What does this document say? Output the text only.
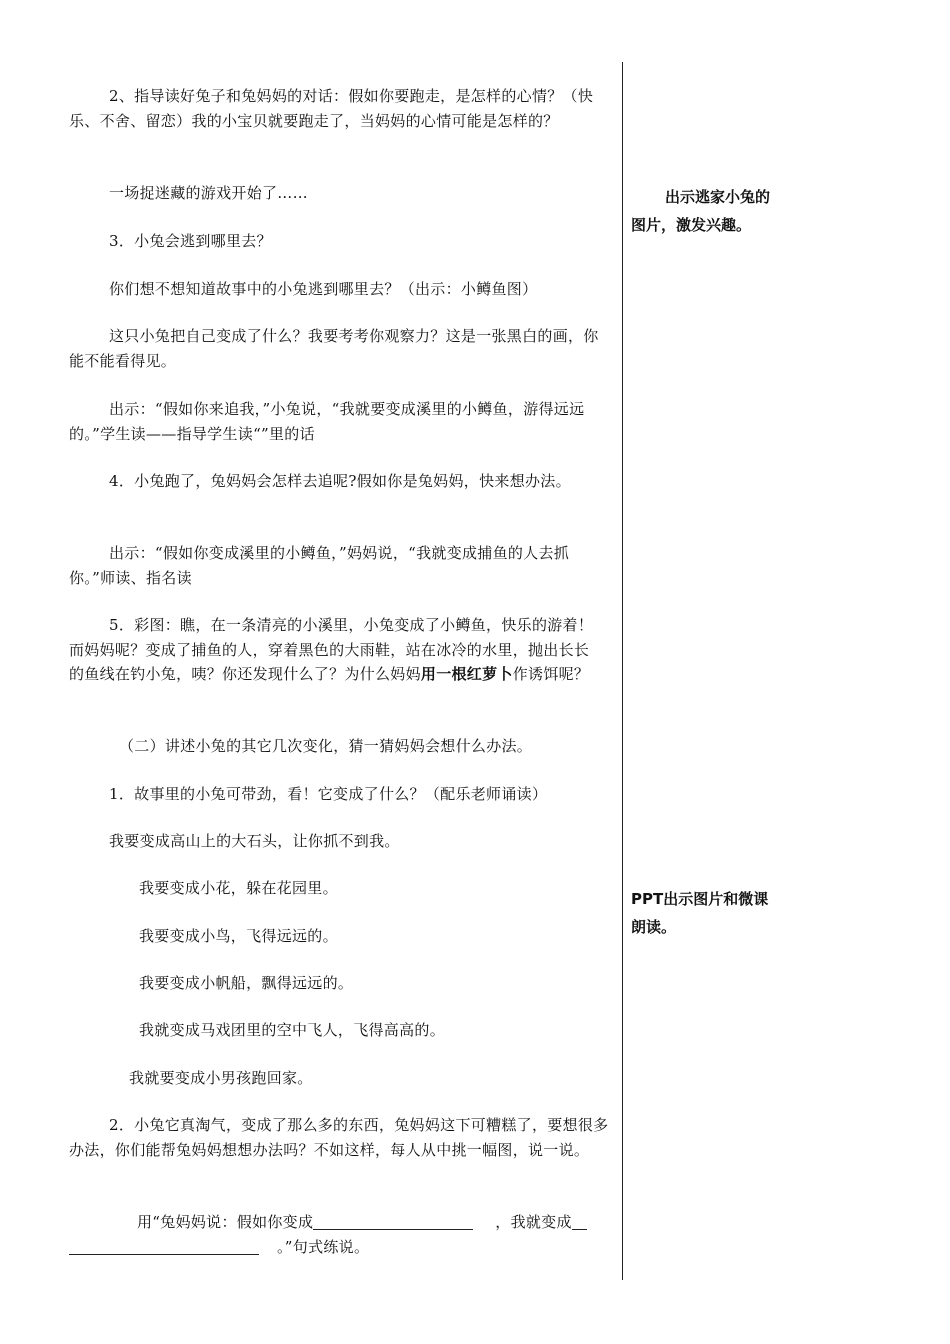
2、指导读好兔子和兔妈妈的对话：假如你要跑走，是怎样的心情？（快乐、不舍、留恋）我的小宝贝就要跑走了，当妈妈的心情可能是怎样的？
一场捉迷藏的游戏开始了……
3．小兔会逃到哪里去？
你们想不想知道故事中的小兔逃到哪里去？（出示：小鳟鱼图）
这只小兔把自己变成了什么？我要考考你观察力？这是一张黑白的画，你能不能看得见。
出示：“假如你来追我，”小兔说，“我就要变成溪里的小鳟鱼，游得远远的。”学生读——指导学生读“”里的话
4．小兔跑了，兔妈妈会怎样去追呢?假如你是兔妈妈，快来想办法。
出示：“假如你变成溪里的小鳟鱼，”妈妈说，“我就变成捕鱼的人去抓你。”师读、指名读
5．彩图：瞧，在一条清亮的小溪里，小兔变成了小鳟鱼，快乐的游着！而妈妈呢？变成了捕鱼的人，穿着黑色的大雨鞋，站在冰冷的水里，抛出长长的鱼线在钓小兔，咦？你还发现什么了？为什么妈妈用一根红萝卜作诱饵呢？
（二）讲述小兔的其它几次变化，猜一猜妈妈会想什么办法。
1．故事里的小兔可带劲，看！它变成了什么？（配乐老师诵读）
我要变成高山上的大石头，让你抓不到我。
我要变成小花，躲在花园里。
我要变成小鸟，飞得远远的。
我要变成小帆船，飘得远远的。
我就变成马戏团里的空中飞人，飞得高高的。
我就要变成小男孩跑回家。
2．小兔它真淘气，变成了那么多的东西，兔妈妈这下可糟糕了，要想很多办法，你们能帮兔妈妈想想办法吗？不如这样，每人从中挑一幅图，说一说。
用“兔妈妈说：假如你变成	，我就变成
。”句式练说。
出示逃家小兔的图片，激发兴趣。
PPT出示图片和微课朗读。
